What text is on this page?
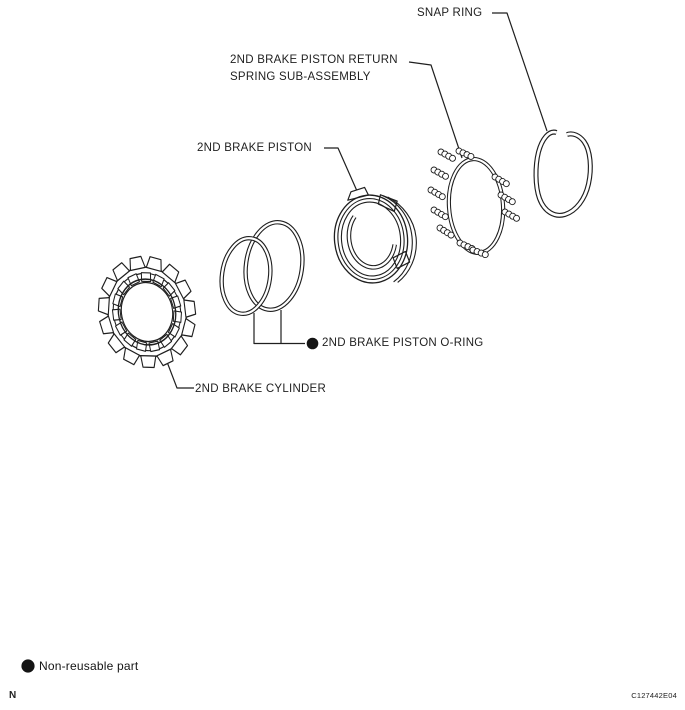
SNAP RING
2ND BRAKE PISTON RETURN
SPRING SUB-ASSEMBLY
2ND BRAKE PISTON
2ND BRAKE PISTON O-RING
2ND BRAKE CYLINDER
Non-reusable part
N	C127442E04
